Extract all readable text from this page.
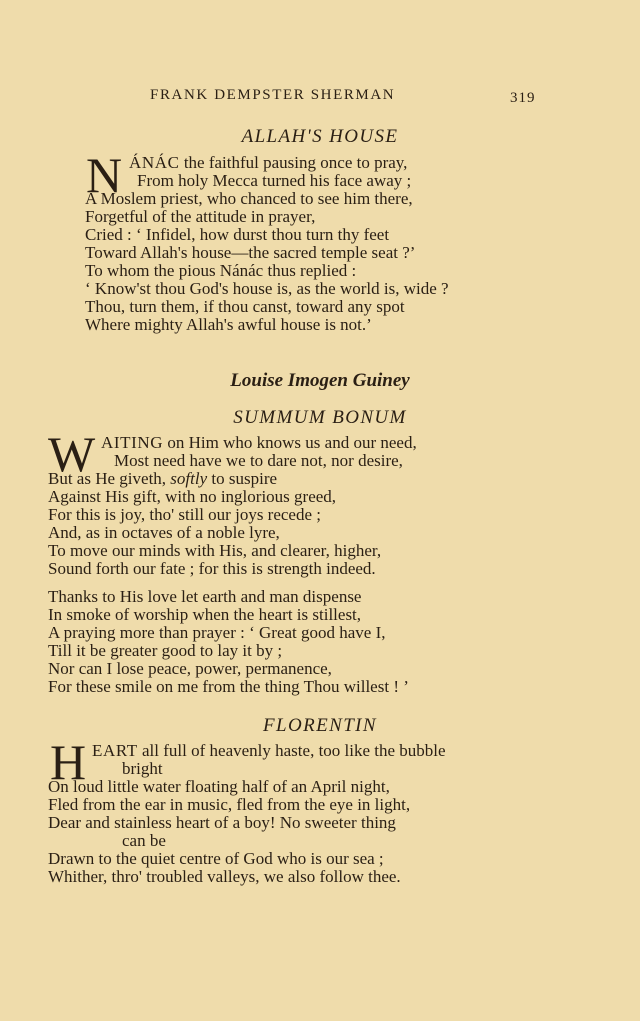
FRANK DEMPSTER SHERMAN	319
ALLAH'S HOUSE
N ÁNÁC the faithful pausing once to pray,
From holy Mecca turned his face away ;
A Moslem priest, who chanced to see him there,
Forgetful of the attitude in prayer,
Cried : ‘ Infidel, how durst thou turn thy feet
Toward Allah's house—the sacred temple seat ?’
To whom the pious Nánác thus replied :
‘ Know'st thou God's house is, as the world is, wide ?
Thou, turn them, if thou canst, toward any spot
Where mighty Allah's awful house is not.’
Louise Imogen Guiney
SUMMUM BONUM
W AITING on Him who knows us and our need,
Most need have we to dare not, nor desire,
But as He giveth, softly to suspire
Against His gift, with no inglorious greed,
For this is joy, tho' still our joys recede ;
And, as in octaves of a noble lyre,
To move our minds with His, and clearer, higher,
Sound forth our fate ; for this is strength indeed.
Thanks to His love let earth and man dispense
In smoke of worship when the heart is stillest,
A praying more than prayer : ‘ Great good have I,
Till it be greater good to lay it by ;
Nor can I lose peace, power, permanence,
For these smile on me from the thing Thou willest ! ’
FLORENTIN
H EART all full of heavenly haste, too like the bubble
bright
On loud little water floating half of an April night,
Fled from the ear in music, fled from the eye in light,
Dear and stainless heart of a boy! No sweeter thing
can be
Drawn to the quiet centre of God who is our sea ;
Whither, thro' troubled valleys, we also follow thee.
